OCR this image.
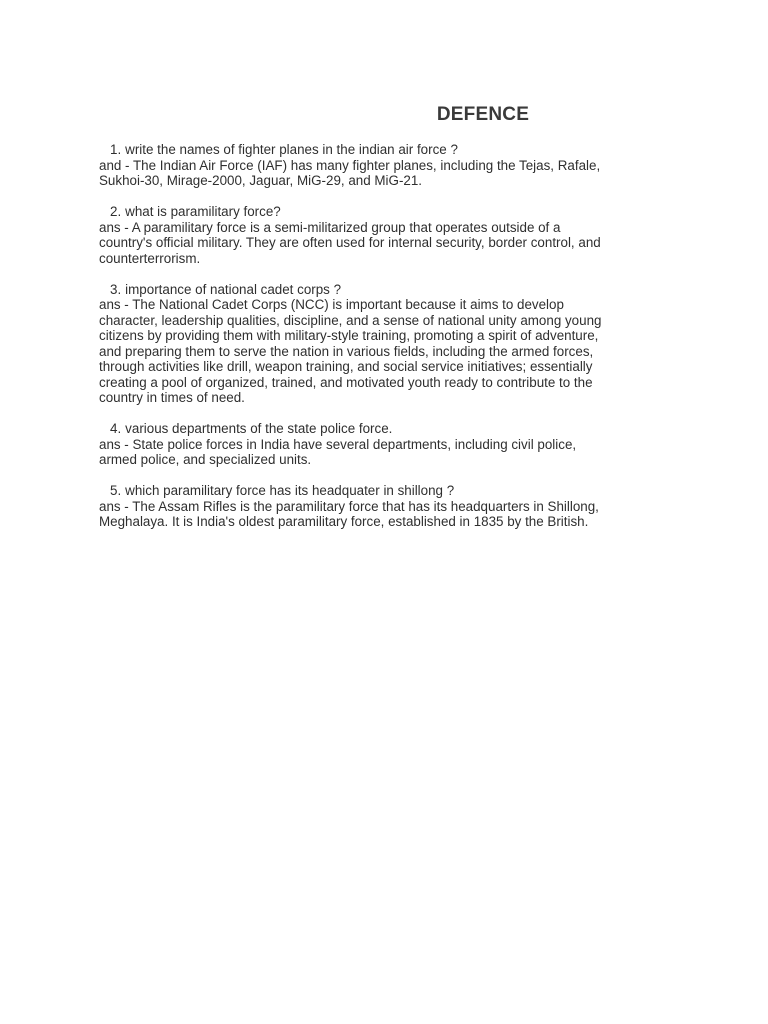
DEFENCE
1. write the names of fighter planes in the indian air force ?
and - The Indian Air Force (IAF) has many fighter planes, including the Tejas, Rafale,
Sukhoi-30, Mirage-2000, Jaguar, MiG-29, and MiG-21.
2. what is paramilitary force?
ans - A paramilitary force is a semi-militarized group that operates outside of a
country's official military. They are often used for internal security, border control, and
counterterrorism.
3. importance of national cadet corps ?
ans - The National Cadet Corps (NCC) is important because it aims to develop
character, leadership qualities, discipline, and a sense of national unity among young
citizens by providing them with military-style training, promoting a spirit of adventure,
and preparing them to serve the nation in various fields, including the armed forces,
through activities like drill, weapon training, and social service initiatives; essentially
creating a pool of organized, trained, and motivated youth ready to contribute to the
country in times of need.
4. various departments of the state police force.
ans - State police forces in India have several departments, including civil police,
armed police, and specialized units.
5. which paramilitary force has its headquater in shillong ?
ans - The Assam Rifles is the paramilitary force that has its headquarters in Shillong,
Meghalaya. It is India's oldest paramilitary force, established in 1835 by the British.
